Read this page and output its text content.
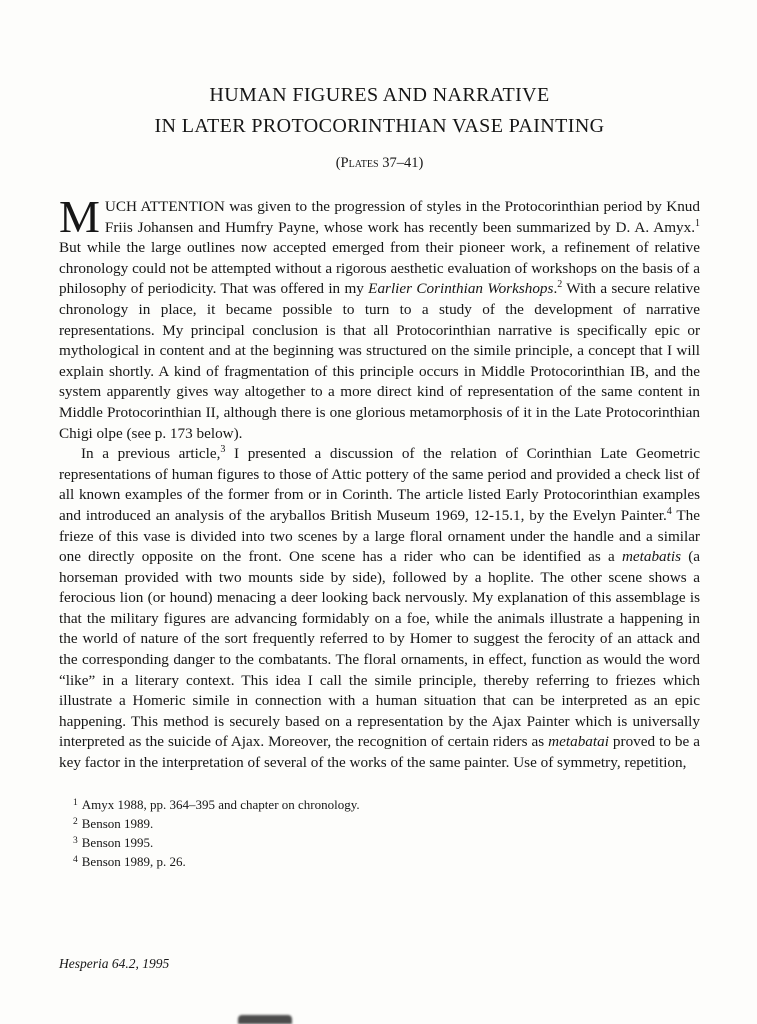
HUMAN FIGURES AND NARRATIVE
IN LATER PROTOCORINTHIAN VASE PAINTING
(Plates 37–41)

MUCH ATTENTION was given to the progression of styles in the Protocorinthian period by Knud Friis Johansen and Humfry Payne, whose work has recently been summarized by D. A. Amyx.$^1$ But while the large outlines now accepted emerged from their pioneer work, a refinement of relative chronology could not be attempted without a rigorous aesthetic evaluation of workshops on the basis of a philosophy of periodicity. That was offered in my Earlier Corinthian Workshops.$^2$ With a secure relative chronology in place, it became possible to turn to a study of the development of narrative representations. My principal conclusion is that all Protocorinthian narrative is specifically epic or mythological in content and at the beginning was structured on the simile principle, a concept that I will explain shortly. A kind of fragmentation of this principle occurs in Middle Protocorinthian IB, and the system apparently gives way altogether to a more direct kind of representation of the same content in Middle Protocorinthian II, although there is one glorious metamorphosis of it in the Late Protocorinthian Chigi olpe (see p. 173 below).

In a previous article,$^3$ I presented a discussion of the relation of Corinthian Late Geometric representations of human figures to those of Attic pottery of the same period and provided a check list of all known examples of the former from or in Corinth. The article listed Early Protocorinthian examples and introduced an analysis of the aryballos British Museum 1969, 12-15.1, by the Evelyn Painter.$^4$ The frieze of this vase is divided into two scenes by a large floral ornament under the handle and a similar one directly opposite on the front. One scene has a rider who can be identified as a metabatis (a horseman provided with two mounts side by side), followed by a hoplite. The other scene shows a ferocious lion (or hound) menacing a deer looking back nervously. My explanation of this assemblage is that the military figures are advancing formidably on a foe, while the animals illustrate a happening in the world of nature of the sort frequently referred to by Homer to suggest the ferocity of an attack and the corresponding danger to the combatants. The floral ornaments, in effect, function as would the word “like” in a literary context. This idea I call the simile principle, thereby referring to friezes which illustrate a Homeric simile in connection with a human situation that can be interpreted as an epic happening. This method is securely based on a representation by the Ajax Painter which is universally interpreted as the suicide of Ajax. Moreover, the recognition of certain riders as metabatai proved to be a key factor in the interpretation of several of the works of the same painter. Use of symmetry, repetition,

$^1$ Amyx 1988, pp. 364–395 and chapter on chronology.
$^2$ Benson 1989.
$^3$ Benson 1995.
$^4$ Benson 1989, p. 26.
Hesperia 64.2, 1995
